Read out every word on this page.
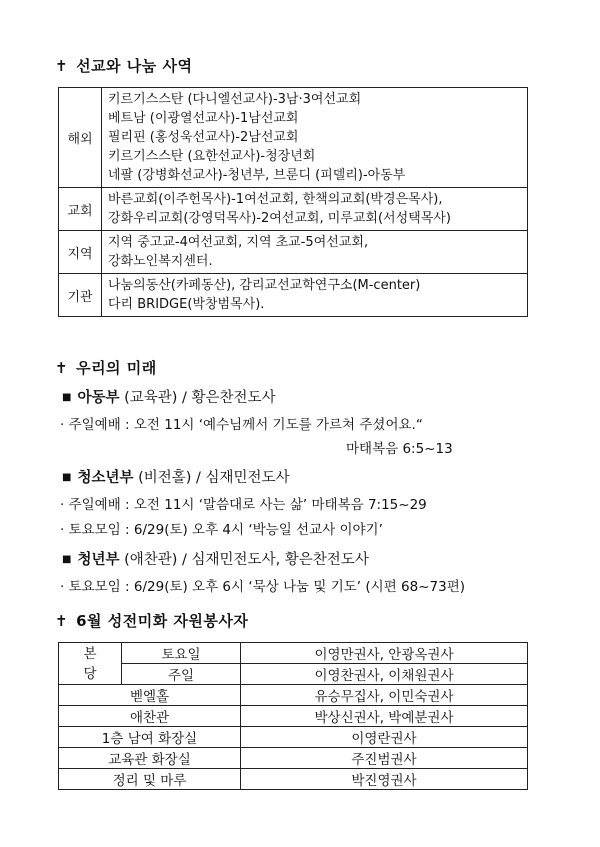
✝ 선교와 나눔 사역
해외	키르기스스탄 (다니엘선교사)-3남·3여선교회
베트남 (이광열선교사)-1남선교회
필리핀 (홍성욱선교사)-2남선교회
키르기스스탄 (요한선교사)-청장년회
네팔 (강병화선교사)-청년부, 브룬디 (피델리)-아동부

교회	바른교회(이주헌목사)-1여선교회, 한책의교회(박경은목사),
강화우리교회(강영덕목사)-2여선교회, 미루교회(서성택목사)

지역	지역 중고교-4여선교회, 지역 초교-5여선교회,
강화노인복지센터.

기관	나눔의동산(카페동산), 감리교선교학연구소(M-center)
다리 BRIDGE(박창범목사).
✝ 우리의 미래
■ 아동부 (교육관) / 황은찬전도사
· 주일예배 : 오전 11시 ‘예수님께서 기도를 가르쳐 주셨어요.“
마태복음 6:5~13
■ 청소년부 (비전홀) / 심재민전도사
· 주일예배 : 오전 11시 ‘말씀대로 사는 삶’ 마태복음 7:15~29
· 토요모임 : 6/29(토) 오후 4시 ‘박능일 선교사 이야기’
■ 청년부 (애찬관) / 심재민전도사, 황은찬전도사
· 토요모임 : 6/29(토) 오후 6시 ‘묵상 나눔 및 기도’ (시편 68~73편)
✝ 6월 성전미화 자원봉사자
본
당	토요일	이영만권사, 안광옥권사
	주일	이영찬권사, 이채원권사
벧엘홀		유승무집사, 이민숙권사
애찬관		박상신권사, 박예분권사
1층 남여 화장실		이영란권사
교육관 화장실		주진범권사
정리 및 마루		박진영권사
